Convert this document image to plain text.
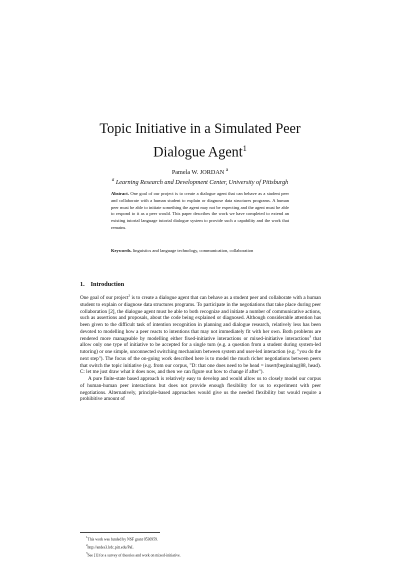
Topic Initiative in a Simulated Peer
Dialogue Agent$^1$
Pamela W. JORDAN $^a$
$^a$ Learning Research and Development Center, University of Pittsburgh
Abstract. One goal of our project is to create a dialogue agent that can behave as a student peer and collaborate with a human student to explain or diagnose data structures programs. A human peer must be able to initiate something the agent may not be expecting and the agent must be able to respond to it as a peer would. This paper describes the work we have completed to extend an existing tutorial language tutorial dialogue system to provide such a capability and the work that remains.
Keywords. linguistics and language technology, communication, collaboration
1. Introduction

One goal of our project$^2$ is to create a dialogue agent that can behave as a student peer and collaborate with a human student to explain or diagnose data structures programs. To participate in the negotiations that take place during peer collaboration [2], the dialogue agent must be able to both recognize and initiate a number of communicative actions, such as assertions and proposals, about the code being explained or diagnosed. Although considerable attention has been given to the difficult task of intention recognition in planning and dialogue research, relatively less has been devoted to modelling how a peer reacts to intentions that may not immediately fit with her own. Both problems are rendered more manageable by modelling either fixed-initiative interactions or mixed-initiative interactions$^3$ that allow only one type of initiative to be accepted for a single turn (e.g. a question from a student during system-led tutoring) or one simple, unconnected switching mechanism between system and user-led interaction (e.g. "you do the next step"). The focus of the on-going work described here is to model the much richer negotiations between peers that switch the topic initiative (e.g. from our corpus, "D: that one does need to be head = insert(beginning(88, head). C: let me just draw what it does now, and then we can figure out how to change if after").

A pure finite-state based approach is relatively easy to develop and would allow us to closely model our corpus of human-human peer interactions but does not provide enough flexibility for us to experiment with peer negotiations. Alternatively, principle-based approaches would give us the needed flexibility but would require a prohibitive amount of

$^1$This work was funded by NSF grant 0536959.
$^2$http://andes3.lrdc.pitt.edu/PaL
$^3$See [1] for a survey of theories and work on mixed-initiative.
